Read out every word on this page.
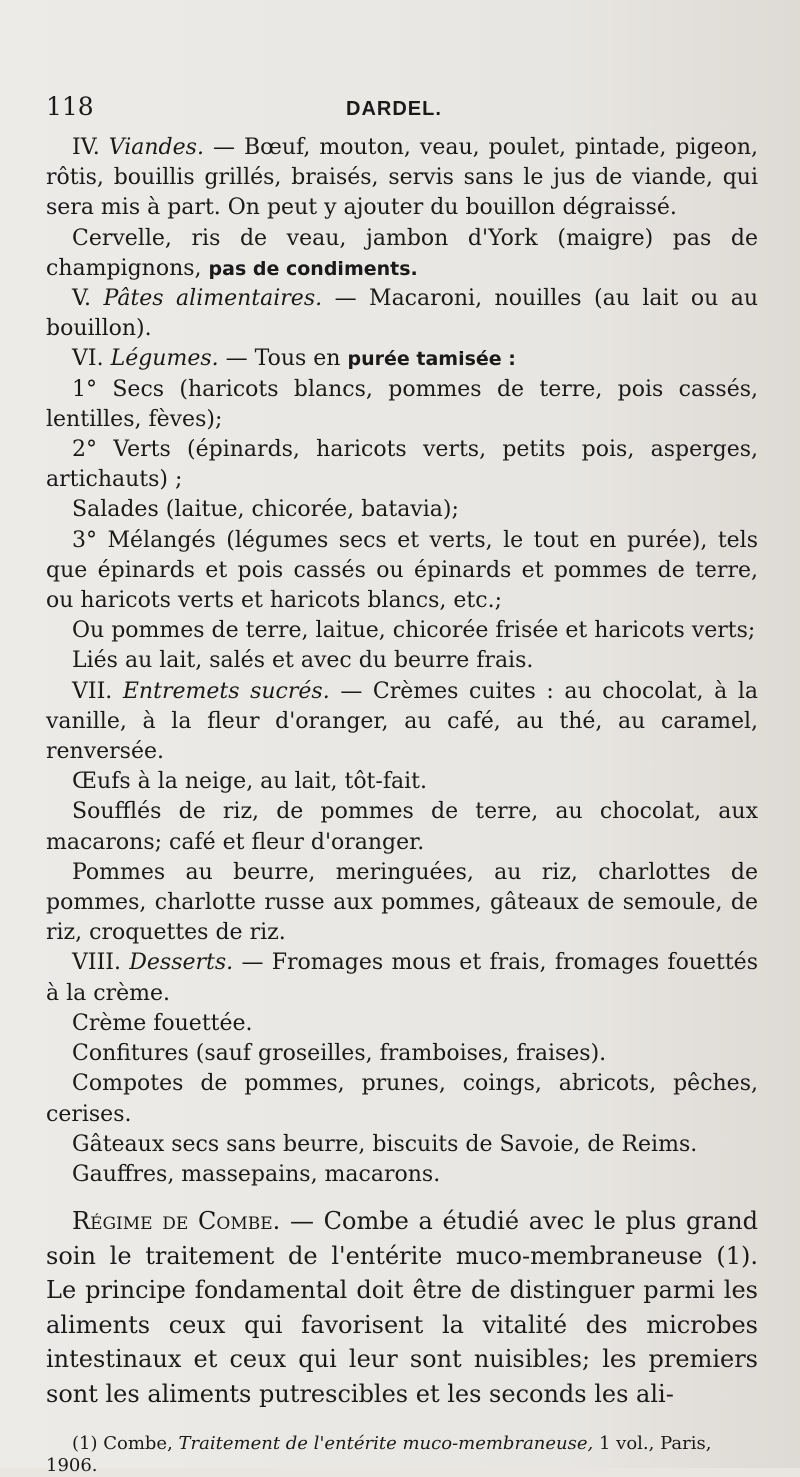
118	DARDEL.

IV. Viandes. — Bœuf, mouton, veau, poulet, pintade, pigeon, rôtis, bouillis grillés, braisés, servis sans le jus de viande, qui sera mis à part. On peut y ajouter du bouillon dégraissé.

Cervelle, ris de veau, jambon d'York (maigre) pas de champignons, pas de condiments.

V. Pâtes alimentaires. — Macaroni, nouilles (au lait ou au bouillon).

VI. Légumes. — Tous en purée tamisée :

1° Secs (haricots blancs, pommes de terre, pois cassés, lentilles, fèves);

2° Verts (épinards, haricots verts, petits pois, asperges, artichauts) ;

Salades (laitue, chicorée, batavia);

3° Mélangés (légumes secs et verts, le tout en purée), tels que épinards et pois cassés ou épinards et pommes de terre, ou haricots verts et haricots blancs, etc.;

Ou pommes de terre, laitue, chicorée frisée et haricots verts;

Liés au lait, salés et avec du beurre frais.

VII. Entremets sucrés. — Crèmes cuites : au chocolat, à la vanille, à la fleur d'oranger, au café, au thé, au caramel, renversée.

Œufs à la neige, au lait, tôt-fait.

Soufflés de riz, de pommes de terre, au chocolat, aux macarons; café et fleur d'oranger.

Pommes au beurre, meringuées, au riz, charlottes de pommes, charlotte russe aux pommes, gâteaux de semoule, de riz, croquettes de riz.

VIII. Desserts. — Fromages mous et frais, fromages fouettés à la crème.

Crème fouettée.

Confitures (sauf groseilles, framboises, fraises).

Compotes de pommes, prunes, coings, abricots, pêches, cerises.

Gâteaux secs sans beurre, biscuits de Savoie, de Reims.

Gauffres, massepains, macarons.

Régime de Combe. — Combe a étudié avec le plus grand soin le traitement de l'entérite muco-membraneuse (1). Le principe fondamental doit être de distinguer parmi les aliments ceux qui favorisent la vitalité des microbes intestinaux et ceux qui leur sont nuisibles; les premiers sont les aliments putrescibles et les seconds les ali-

(1) Combe, Traitement de l'entérite muco-membraneuse, 1 vol., Paris, 1906.
